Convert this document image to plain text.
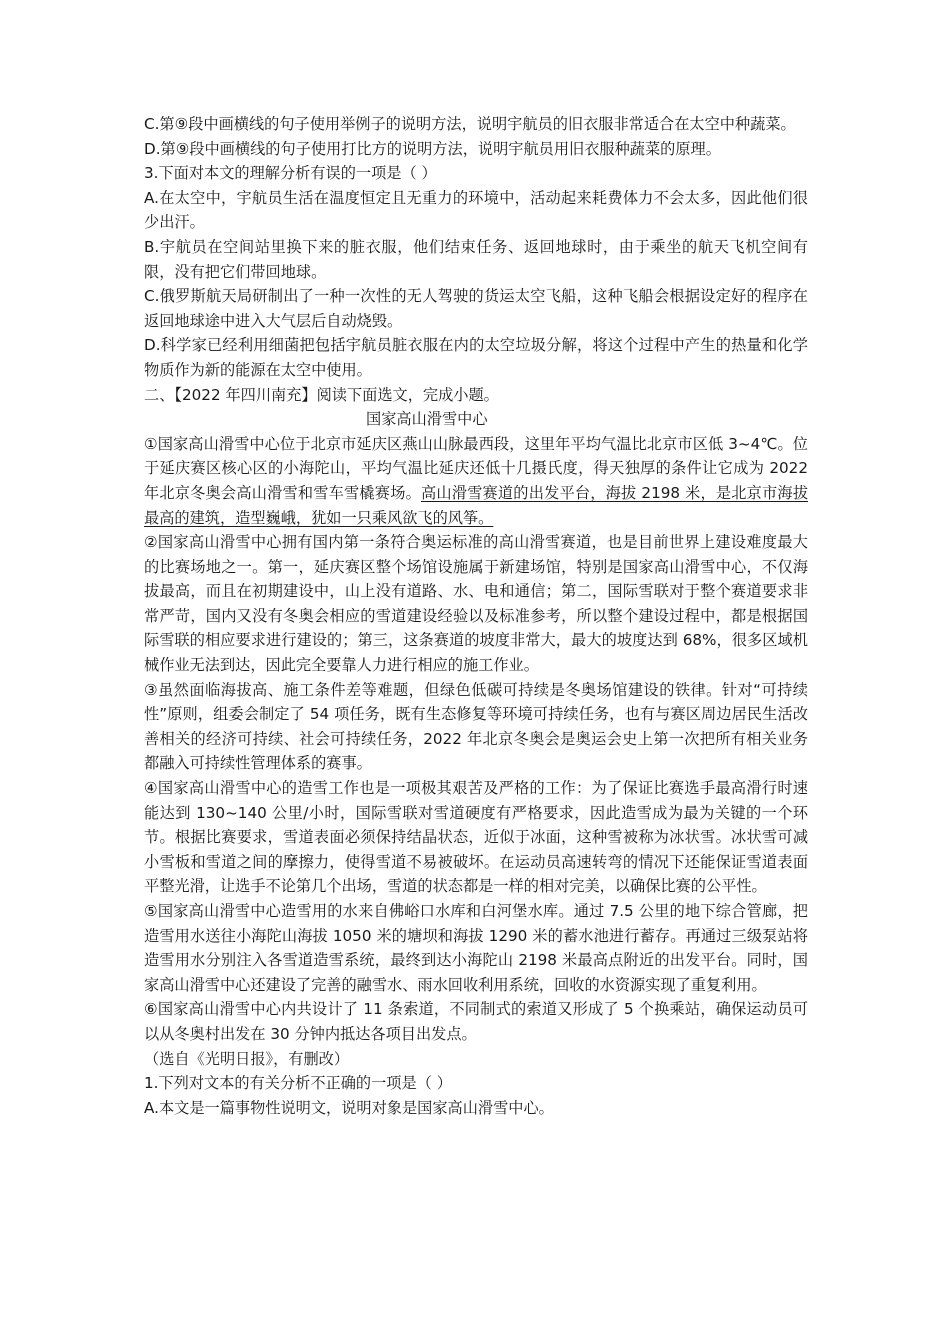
C.第⑨段中画横线的句子使用举例子的说明方法，说明宇航员的旧衣服非常适合在太空中种蔬菜。

D.第⑨段中画横线的句子使用打比方的说明方法，说明宇航员用旧衣服种蔬菜的原理。

3.下面对本文的理解分析有误的一项是（ ）

A.在太空中，宇航员生活在温度恒定且无重力的环境中，活动起来耗费体力不会太多，因此他们很少出汗。

B.宇航员在空间站里换下来的脏衣服，他们结束任务、返回地球时，由于乘坐的航天飞机空间有限，没有把它们带回地球。

C.俄罗斯航天局研制出了一种一次性的无人驾驶的货运太空飞船，这种飞船会根据设定好的程序在返回地球途中进入大气层后自动烧毁。

D.科学家已经利用细菌把包括宇航员脏衣服在内的太空垃圾分解，将这个过程中产生的热量和化学物质作为新的能源在太空中使用。

二、【2022 年四川南充】阅读下面选文，完成小题。

国家高山滑雪中心

①国家高山滑雪中心位于北京市延庆区燕山山脉最西段，这里年平均气温比北京市区低 3~4℃。位于延庆赛区核心区的小海陀山，平均气温比延庆还低十几摄氏度，得天独厚的条件让它成为 2022 年北京冬奥会高山滑雪和雪车雪橇赛场。高山滑雪赛道的出发平台，海拔 2198 米，是北京市海拔最高的建筑，造型巍峨，犹如一只乘风欲飞的风筝。

②国家高山滑雪中心拥有国内第一条符合奥运标准的高山滑雪赛道，也是目前世界上建设难度最大的比赛场地之一。第一，延庆赛区整个场馆设施属于新建场馆，特别是国家高山滑雪中心，不仅海拔最高，而且在初期建设中，山上没有道路、水、电和通信；第二，国际雪联对于整个赛道要求非常严苛，国内又没有冬奥会相应的雪道建设经验以及标准参考，所以整个建设过程中，都是根据国际雪联的相应要求进行建设的；第三，这条赛道的坡度非常大，最大的坡度达到 68%，很多区域机械作业无法到达，因此完全要靠人力进行相应的施工作业。

③虽然面临海拔高、施工条件差等难题，但绿色低碳可持续是冬奥场馆建设的铁律。针对“可持续性”原则，组委会制定了 54 项任务，既有生态修复等环境可持续任务，也有与赛区周边居民生活改善相关的经济可持续、社会可持续任务，2022 年北京冬奥会是奥运会史上第一次把所有相关业务都融入可持续性管理体系的赛事。

④国家高山滑雪中心的造雪工作也是一项极其艰苦及严格的工作：为了保证比赛选手最高滑行时速能达到 130~140 公里/小时，国际雪联对雪道硬度有严格要求，因此造雪成为最为关键的一个环节。根据比赛要求，雪道表面必须保持结晶状态，近似于冰面，这种雪被称为冰状雪。冰状雪可减小雪板和雪道之间的摩擦力，使得雪道不易被破坏。在运动员高速转弯的情况下还能保证雪道表面平整光滑，让选手不论第几个出场，雪道的状态都是一样的相对完美，以确保比赛的公平性。

⑤国家高山滑雪中心造雪用的水来自佛峪口水库和白河堡水库。通过 7.5 公里的地下综合管廊，把造雪用水送往小海陀山海拔 1050 米的塘坝和海拔 1290 米的蓄水池进行蓄存。再通过三级泵站将造雪用水分别注入各雪道造雪系统，最终到达小海陀山 2198 米最高点附近的出发平台。同时，国家高山滑雪中心还建设了完善的融雪水、雨水回收利用系统，回收的水资源实现了重复利用。

⑥国家高山滑雪中心内共设计了 11 条索道，不同制式的索道又形成了 5 个换乘站，确保运动员可以从冬奥村出发在 30 分钟内抵达各项目出发点。

（选自《光明日报》，有删改）

1.下列对文本的有关分析不正确的一项是（ ）

A.本文是一篇事物性说明文，说明对象是国家高山滑雪中心。
